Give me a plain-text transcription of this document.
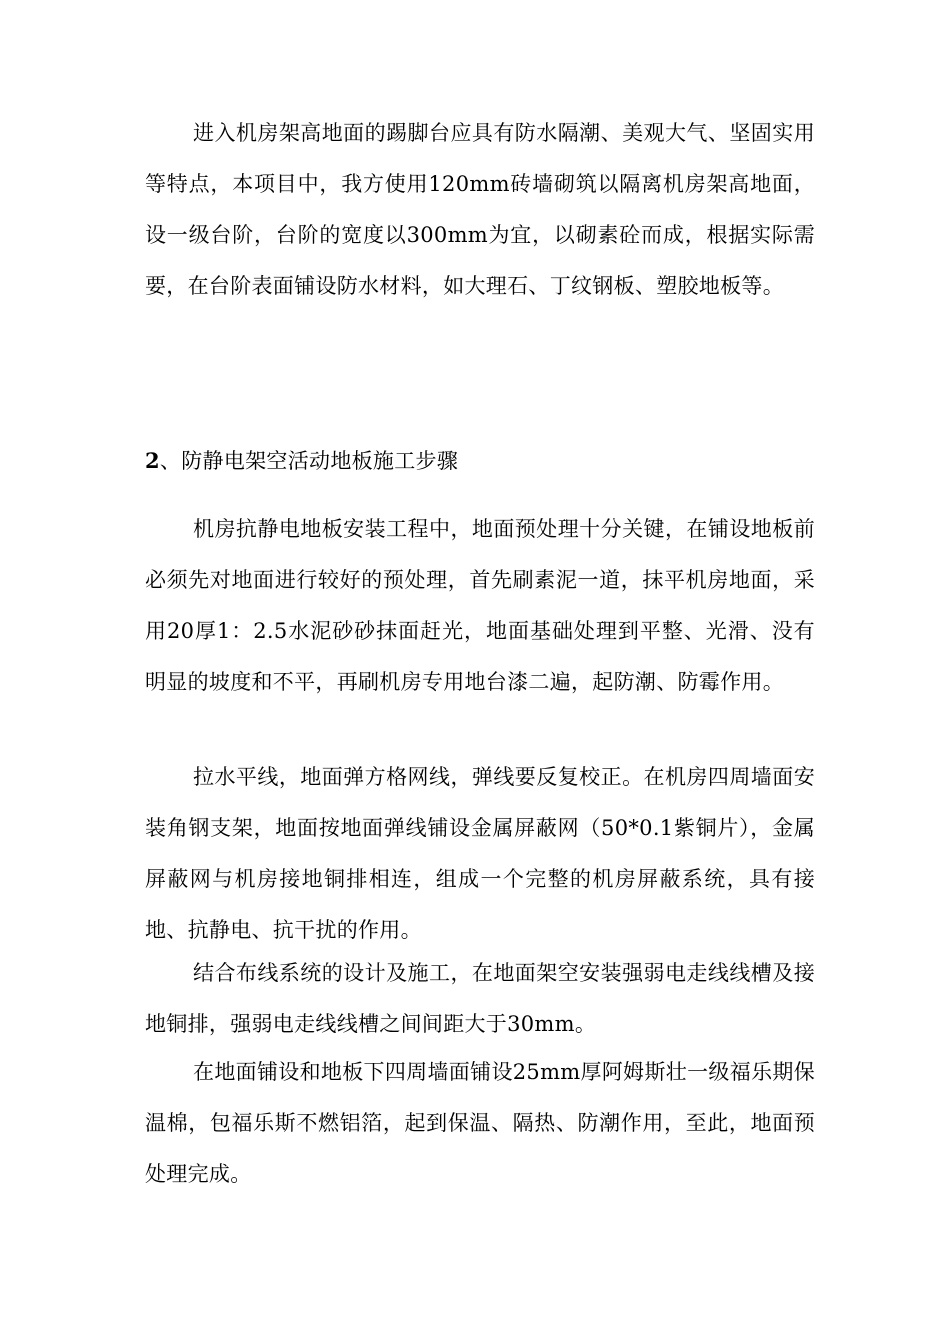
进入机房架高地面的踢脚台应具有防水隔潮、美观大气、坚固实用等特点，本项目中，我方使用120mm砖墙砌筑以隔离机房架高地面，设一级台阶，台阶的宽度以300mm为宜，以砌素砼而成，根据实际需要，在台阶表面铺设防水材料，如大理石、丁纹钢板、塑胶地板等。

2、防静电架空活动地板施工步骤

机房抗静电地板安装工程中，地面预处理十分关键，在铺设地板前必须先对地面进行较好的预处理，首先刷素泥一道，抹平机房地面，采用20厚1：2.5水泥砂砂抹面赶光，地面基础处理到平整、光滑、没有明显的坡度和不平，再刷机房专用地台漆二遍，起防潮、防霉作用。

拉水平线，地面弹方格网线，弹线要反复校正。在机房四周墙面安装角钢支架，地面按地面弹线铺设金属屏蔽网（50*0.1紫铜片），金属屏蔽网与机房接地铜排相连，组成一个完整的机房屏蔽系统，具有接地、抗静电、抗干扰的作用。

结合布线系统的设计及施工，在地面架空安装强弱电走线线槽及接地铜排，强弱电走线线槽之间间距大于30mm。

在地面铺设和地板下四周墙面铺设25mm厚阿姆斯壮一级福乐期保温棉，包福乐斯不燃铝箔，起到保温、隔热、防潮作用，至此，地面预处理完成。
